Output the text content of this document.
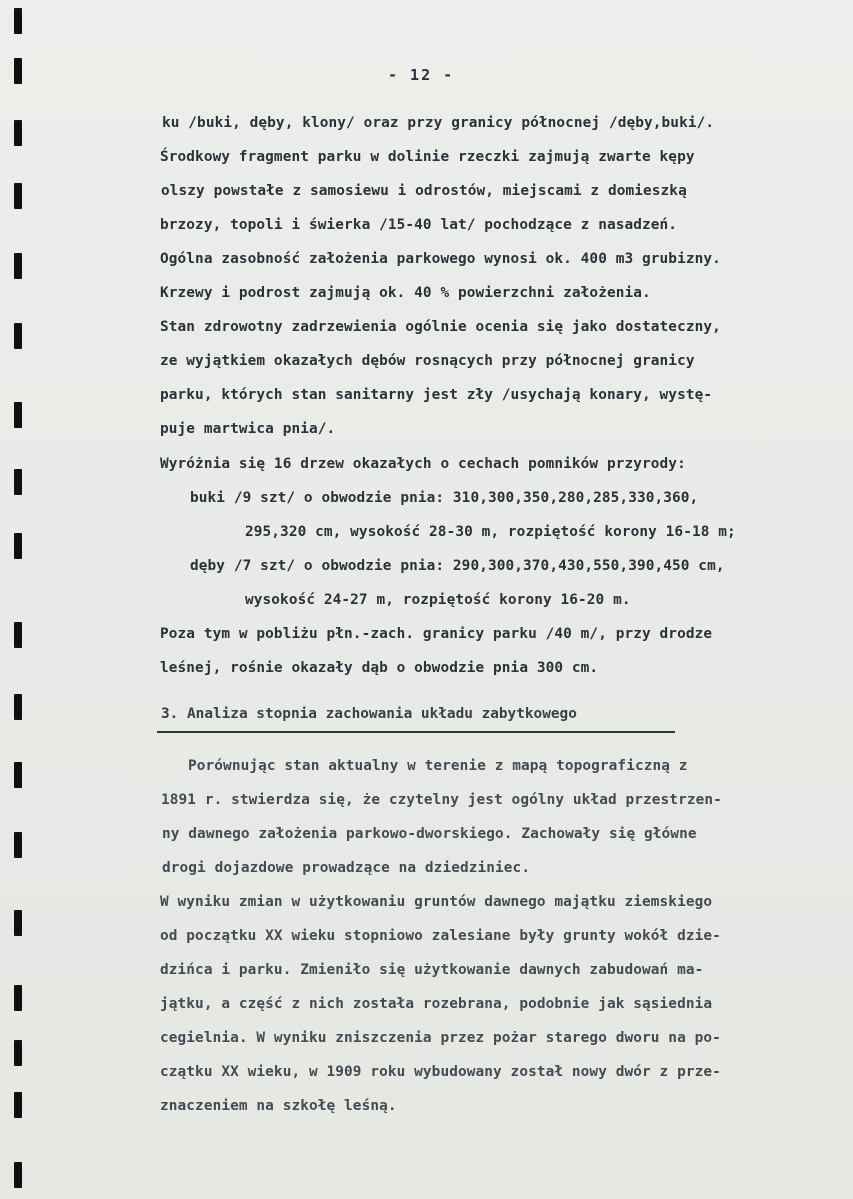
- 12 -
ku /buki, dęby, klony/ oraz przy granicy północnej /dęby,buki/.
Środkowy fragment parku w dolinie rzeczki zajmują zwarte kępy
olszy powstałe z samosiewu i odrostów, miejscami z domieszką
brzozy, topoli i świerka /15-40 lat/ pochodzące z nasadzeń.
Ogólna zasobność założenia parkowego wynosi ok. 400 m3 grubizny.
Krzewy i podrost zajmują ok. 40 % powierzchni założenia.
Stan zdrowotny zadrzewienia ogólnie ocenia się jako dostateczny,
ze wyjątkiem okazałych dębów rosnących przy północnej granicy
parku, których stan sanitarny jest zły /usychają konary, wystę-
puje martwica pnia/.
Wyróżnia się 16 drzew okazałych o cechach pomników przyrody:
buki /9 szt/ o obwodzie pnia: 310,300,350,280,285,330,360,
295,320 cm, wysokość 28-30 m, rozpiętość korony 16-18 m;
dęby /7 szt/ o obwodzie pnia: 290,300,370,430,550,390,450 cm,
wysokość 24-27 m, rozpiętość korony 16-20 m.
Poza tym w pobliżu płn.-zach. granicy parku /40 m/, przy drodze
leśnej, rośnie okazały dąb o obwodzie pnia 300 cm.
3. Analiza stopnia zachowania układu zabytkowego
Porównując stan aktualny w terenie z mapą topograficzną z
1891 r. stwierdza się, że czytelny jest ogólny układ przestrzen-
ny dawnego założenia parkowo-dworskiego. Zachowały się główne
drogi dojazdowe prowadzące na dziedziniec.
W wyniku zmian w użytkowaniu gruntów dawnego majątku ziemskiego
od początku XX wieku stopniowo zalesiane były grunty wokół dzie-
dzińca i parku. Zmieniło się użytkowanie dawnych zabudowań ma-
jątku, a część z nich została rozebrana, podobnie jak sąsiednia
cegielnia. W wyniku zniszczenia przez pożar starego dworu na po-
czątku XX wieku, w 1909 roku wybudowany został nowy dwór z prze-
znaczeniem na szkołę leśną.
